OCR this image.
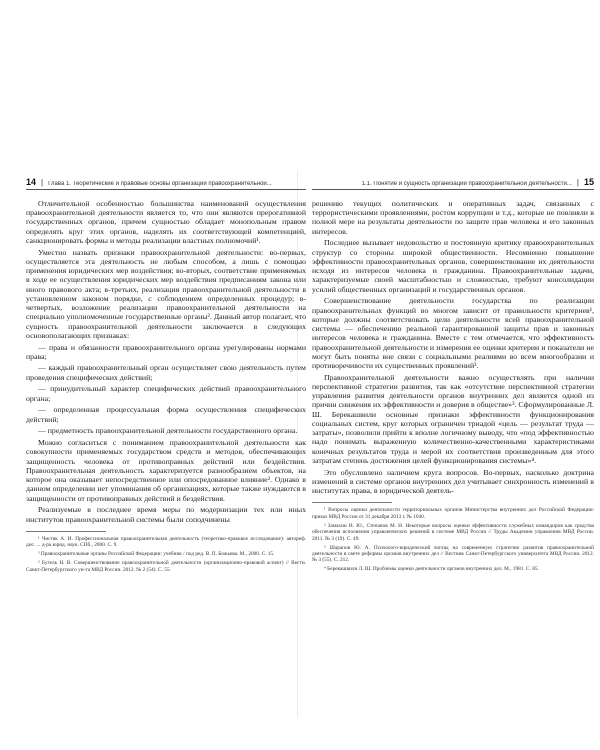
14 | Глава 1. Теоретические и правовые основы организации правоохранительной...

Отличительной особенностью большинства наименований осуществления правоохранительной деятельности является то, что они являются прерогативной государственных органов, причем сущностью обладает монопольным правом определять круг этих органов, наделять их соответствующей компетенцией, санкционировать формы и методы реализации властных полномочий¹.

Уместно назвать признаки правоохранительной деятельности: во-первых, осуществляется эта деятельность не любым способом, а лишь с помощью применения юридических мер воздействия; во-вторых, соответствие применяемых в ходе ее осуществления юридических мер воздействия предписаниям закона или иного правового акта; в-третьих, реализация правоохранительной деятельности в установленном законом порядке, с соблюдением определенных процедур; в-четвертых, возложение реализации правоохранительной деятельности на специально уполномоченные государственные органы². Данный автор полагает, что сущность правоохранительной деятельности заключается в следующих основополагающих признаках:

— права и обязанности правоохранительного органа урегулированы нормами права;

— каждый правоохранительный орган осуществляет свою деятельность путем проведения специфических действий;

— принудительный характер специфических действий правоохранительного органа;

— определенная процессуальная форма осуществления специфических действий;

— предметность правоохранительной деятельности государственного органа.

Можно согласиться с пониманием правоохранительной деятельности как совокупности применяемых государством средств и методов, обеспечивающих защищенность человека от противоправных действий или бездействия. Правоохранительная деятельность характеризуется разнообразием объектов, на которое она оказывает непосредственное или опосредованное влияние³. Однако в данном определении нет упоминания об организациях, которые также нуждаются в защищенности от противоправных действий и бездействия.

Реализуемые в последнее время меры по модернизации тех или иных институтов правоохранительной системы были соподчинены

¹ Чистяк А. И. Профессиональная правоохранительная деятельность (теоретико-правовое исследование): автореф. дис. ... д-ра юрид. наук. СПб., 2000. С. 9.

² Правоохранительные органы Российской Федерации: учебник / под ред. В. П. Божьева. М., 2000. С. 15.

³ Бугель Н. В. Совершенствование правоохранительной деятельности (организационно-правовой аспект) // Вестн. Санкт-Петербургского ун-та МВД России. 2012. № 2 (54). С. 55.

1.1. Понятие и сущность организации правоохранительной деятельности... | 15

решению текущих политических и оперативных задач, связанных с террористическими проявлениями, ростом коррупции и т.д., которые не повлияли в полной мере на результаты деятельности по защите прав человека и его законных интересов.

Последнее вызывает недовольство и постоянную критику правоохранительных структур со стороны широкой общественности. Несомненно повышение эффективности правоохранительных органов, совершенствование их деятельности исходя из интересов человека и гражданина. Правоохранительные задачи, характеризуемые своей масштабностью и сложностью, требуют консолидации усилий общественных организаций и государственных органов.

Совершенствование деятельности государства по реализации правоохранительных функций во многом зависит от правильности критериев¹, которые должны соответствовать цели деятельности всей правоохранительной системы — обеспечению реальной гарантированной защиты прав и законных интересов человека и гражданина. Вместе с тем отмечается, что эффективность правоохранительной деятельности и измерения ее оценки критерии и показатели не могут быть поняты вне связи с социальными реалиями во всем многообразии и противоречивости их существенных проявлений².

Правоохранительной деятельности важно осуществлять при наличии перспективной стратегии развития, так как «отсутствие перспективной стратегии управления развития деятельности органов внутренних дел является одной из причин снижения их эффективности и доверия в обществе»³. Сформулированные Л. Ш. Берекашвили основные признаки эффективности функционирования социальных систем, круг которых ограничен триадой «цель — результат труда — затраты», позволили прийти к вполне логичному выводу, что «под эффективностью надо понимать выраженную количественно-качественными характеристиками конечных результатов труда и мерой их соответствия произведенным для этого затратам степень достижения целей функционирования системы»⁴.

Это обусловлено наличием круга вопросов. Во-первых, насколько доктрина изменений в системе органов внутренних дел учитывает синхронность изменений в институтах права, в юридической деятель-

¹ Вопросы оценки деятельности территориальных органов Министерства внутренних дел Российской Федерации: приказ МВД России от 31 декабря 2013 г. № 1040.

² Замахин И. Ю., Степанов М. Н. Некоторые вопросы оценки эффективности служебных командиров как средства обеспечения исполнения управленческих решений в системе МВД России // Труды Академии управления МВД России. 2011. № 3 (19). С. 49.

³ Шарапов Ю. А. Психолого-юридический взгляд на современную стратегию развития правоохранительной деятельности в свете реформы органов внутренних дел // Вестник Санкт-Петербургского университета МВД России. 2012. № 3 (55). С. 212.

⁴ Берекашвили Л. Ш. Проблемы оценки деятельности органов внутренних дел. М., 1981. С. 85.
